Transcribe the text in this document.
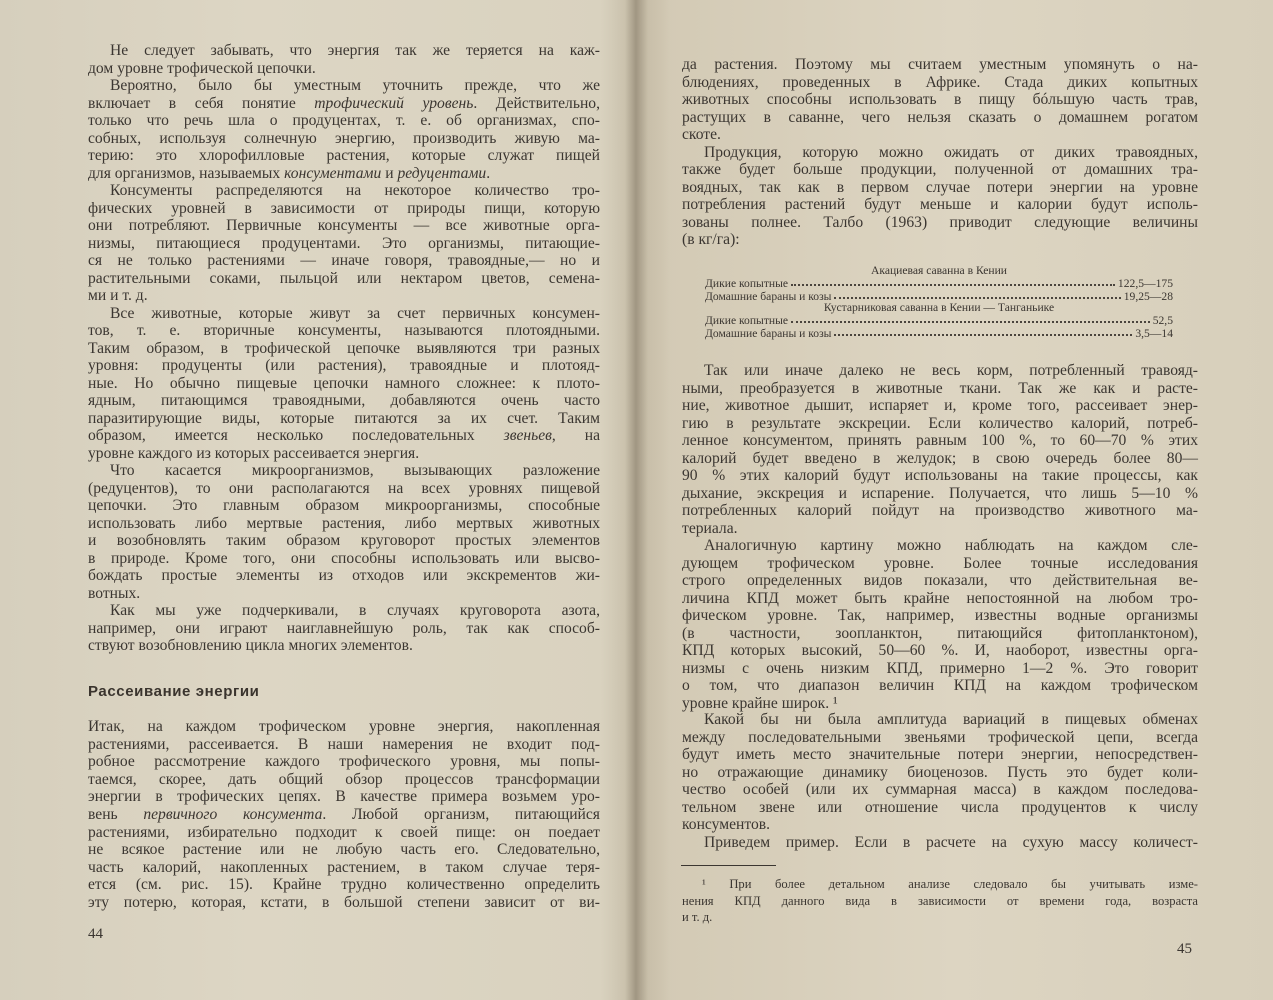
Не следует забывать, что энергия так же теряется на каж-
дом уровне трофической цепочки.
Вероятно, было бы уместным уточнить прежде, что же
включает в себя понятие трофический уровень. Действительно,
только что речь шла о продуцентах, т. е. об организмах, спо-
собных, используя солнечную энергию, производить живую ма-
терию: это хлорофилловые растения, которые служат пищей
для организмов, называемых консументами и редуцентами.
Консументы распределяются на некоторое количество тро-
фических уровней в зависимости от природы пищи, которую
они потребляют. Первичные консументы — все животные орга-
низмы, питающиеся продуцентами. Это организмы, питающие-
ся не только растениями — иначе говоря, травоядные,— но и
растительными соками, пыльцой или нектаром цветов, семена-
ми и т. д.
Все животные, которые живут за счет первичных консумен-
тов, т. е. вторичные консументы, называются плотоядными.
Таким образом, в трофической цепочке выявляются три разных
уровня: продуценты (или растения), травоядные и плотояд-
ные. Но обычно пищевые цепочки намного сложнее: к плото-
ядным, питающимся травоядными, добавляются очень часто
паразитирующие виды, которые питаются за их счет. Таким
образом, имеется несколько последовательных звеньев, на
уровне каждого из которых рассеивается энергия.
Что касается микроорганизмов, вызывающих разложение
(редуцентов), то они располагаются на всех уровнях пищевой
цепочки. Это главным образом микроорганизмы, способные
использовать либо мертвые растения, либо мертвых животных
и возобновлять таким образом круговорот простых элементов
в природе. Кроме того, они способны использовать или высво-
бождать простые элементы из отходов или экскрементов жи-
вотных.
Как мы уже подчеркивали, в случаях круговорота азота,
например, они играют наиглавнейшую роль, так как способ-
ствуют возобновлению цикла многих элементов.
Рассеивание энергии
Итак, на каждом трофическом уровне энергия, накопленная
растениями, рассеивается. В наши намерения не входит под-
робное рассмотрение каждого трофического уровня, мы попы-
таемся, скорее, дать общий обзор процессов трансформации
энергии в трофических цепях. В качестве примера возьмем уро-
вень первичного консумента. Любой организм, питающийся
растениями, избирательно подходит к своей пище: он поедает
не всякое растение или не любую часть его. Следовательно,
часть калорий, накопленных растением, в таком случае теря-
ется (см. рис. 15). Крайне трудно количественно определить
эту потерю, которая, кстати, в большой степени зависит от ви-
44
да растения. Поэтому мы считаем уместным упомянуть о на-
блюдениях, проведенных в Африке. Стада диких копытных
животных способны использовать в пищу бóльшую часть трав,
растущих в саванне, чего нельзя сказать о домашнем рогатом
скоте.
Продукция, которую можно ожидать от диких травоядных,
также будет больше продукции, полученной от домашних тра-
воядных, так как в первом случае потери энергии на уровне
потребления растений будут меньше и калории будут исполь-
зованы полнее. Талбо (1963) приводит следующие величины
(в кг/га):
Акациевая саванна в Кении
Дикие копытные	122,5—175
Домашние бараны и козы	19,25—28
Кустарниковая саванна в Кении — Танганьике
Дикие копытные	52,5
Домашние бараны и козы	3,5—14
Так или иначе далеко не весь корм, потребленный травояд-
ными, преобразуется в животные ткани. Так же как и расте-
ние, животное дышит, испаряет и, кроме того, рассеивает энер-
гию в результате экскреции. Если количество калорий, потреб-
ленное консументом, принять равным 100 %, то 60—70 % этих
калорий будет введено в желудок; в свою очередь более 80—
90 % этих калорий будут использованы на такие процессы, как
дыхание, экскреция и испарение. Получается, что лишь 5—10 %
потребленных калорий пойдут на производство животного ма-
териала.
Аналогичную картину можно наблюдать на каждом сле-
дующем трофическом уровне. Более точные исследования
строго определенных видов показали, что действительная ве-
личина КПД может быть крайне непостоянной на любом тро-
фическом уровне. Так, например, известны водные организмы
(в частности, зоопланктон, питающийся фитопланктоном),
КПД которых высокий, 50—60 %. И, наоборот, известны орга-
низмы с очень низким КПД, примерно 1—2 %. Это говорит
о том, что диапазон величин КПД на каждом трофическом
уровне крайне широк. ¹
Какой бы ни была амплитуда вариаций в пищевых обменах
между последовательными звеньями трофической цепи, всегда
будут иметь место значительные потери энергии, непосредствен-
но отражающие динамику биоценозов. Пусть это будет коли-
чество особей (или их суммарная масса) в каждом последова-
тельном звене или отношение числа продуцентов к числу
консументов.
Приведем пример. Если в расчете на сухую массу количест-
¹ При более детальном анализе следовало бы учитывать изме-
нения КПД данного вида в зависимости от времени года, возраста
и т. д.
45
